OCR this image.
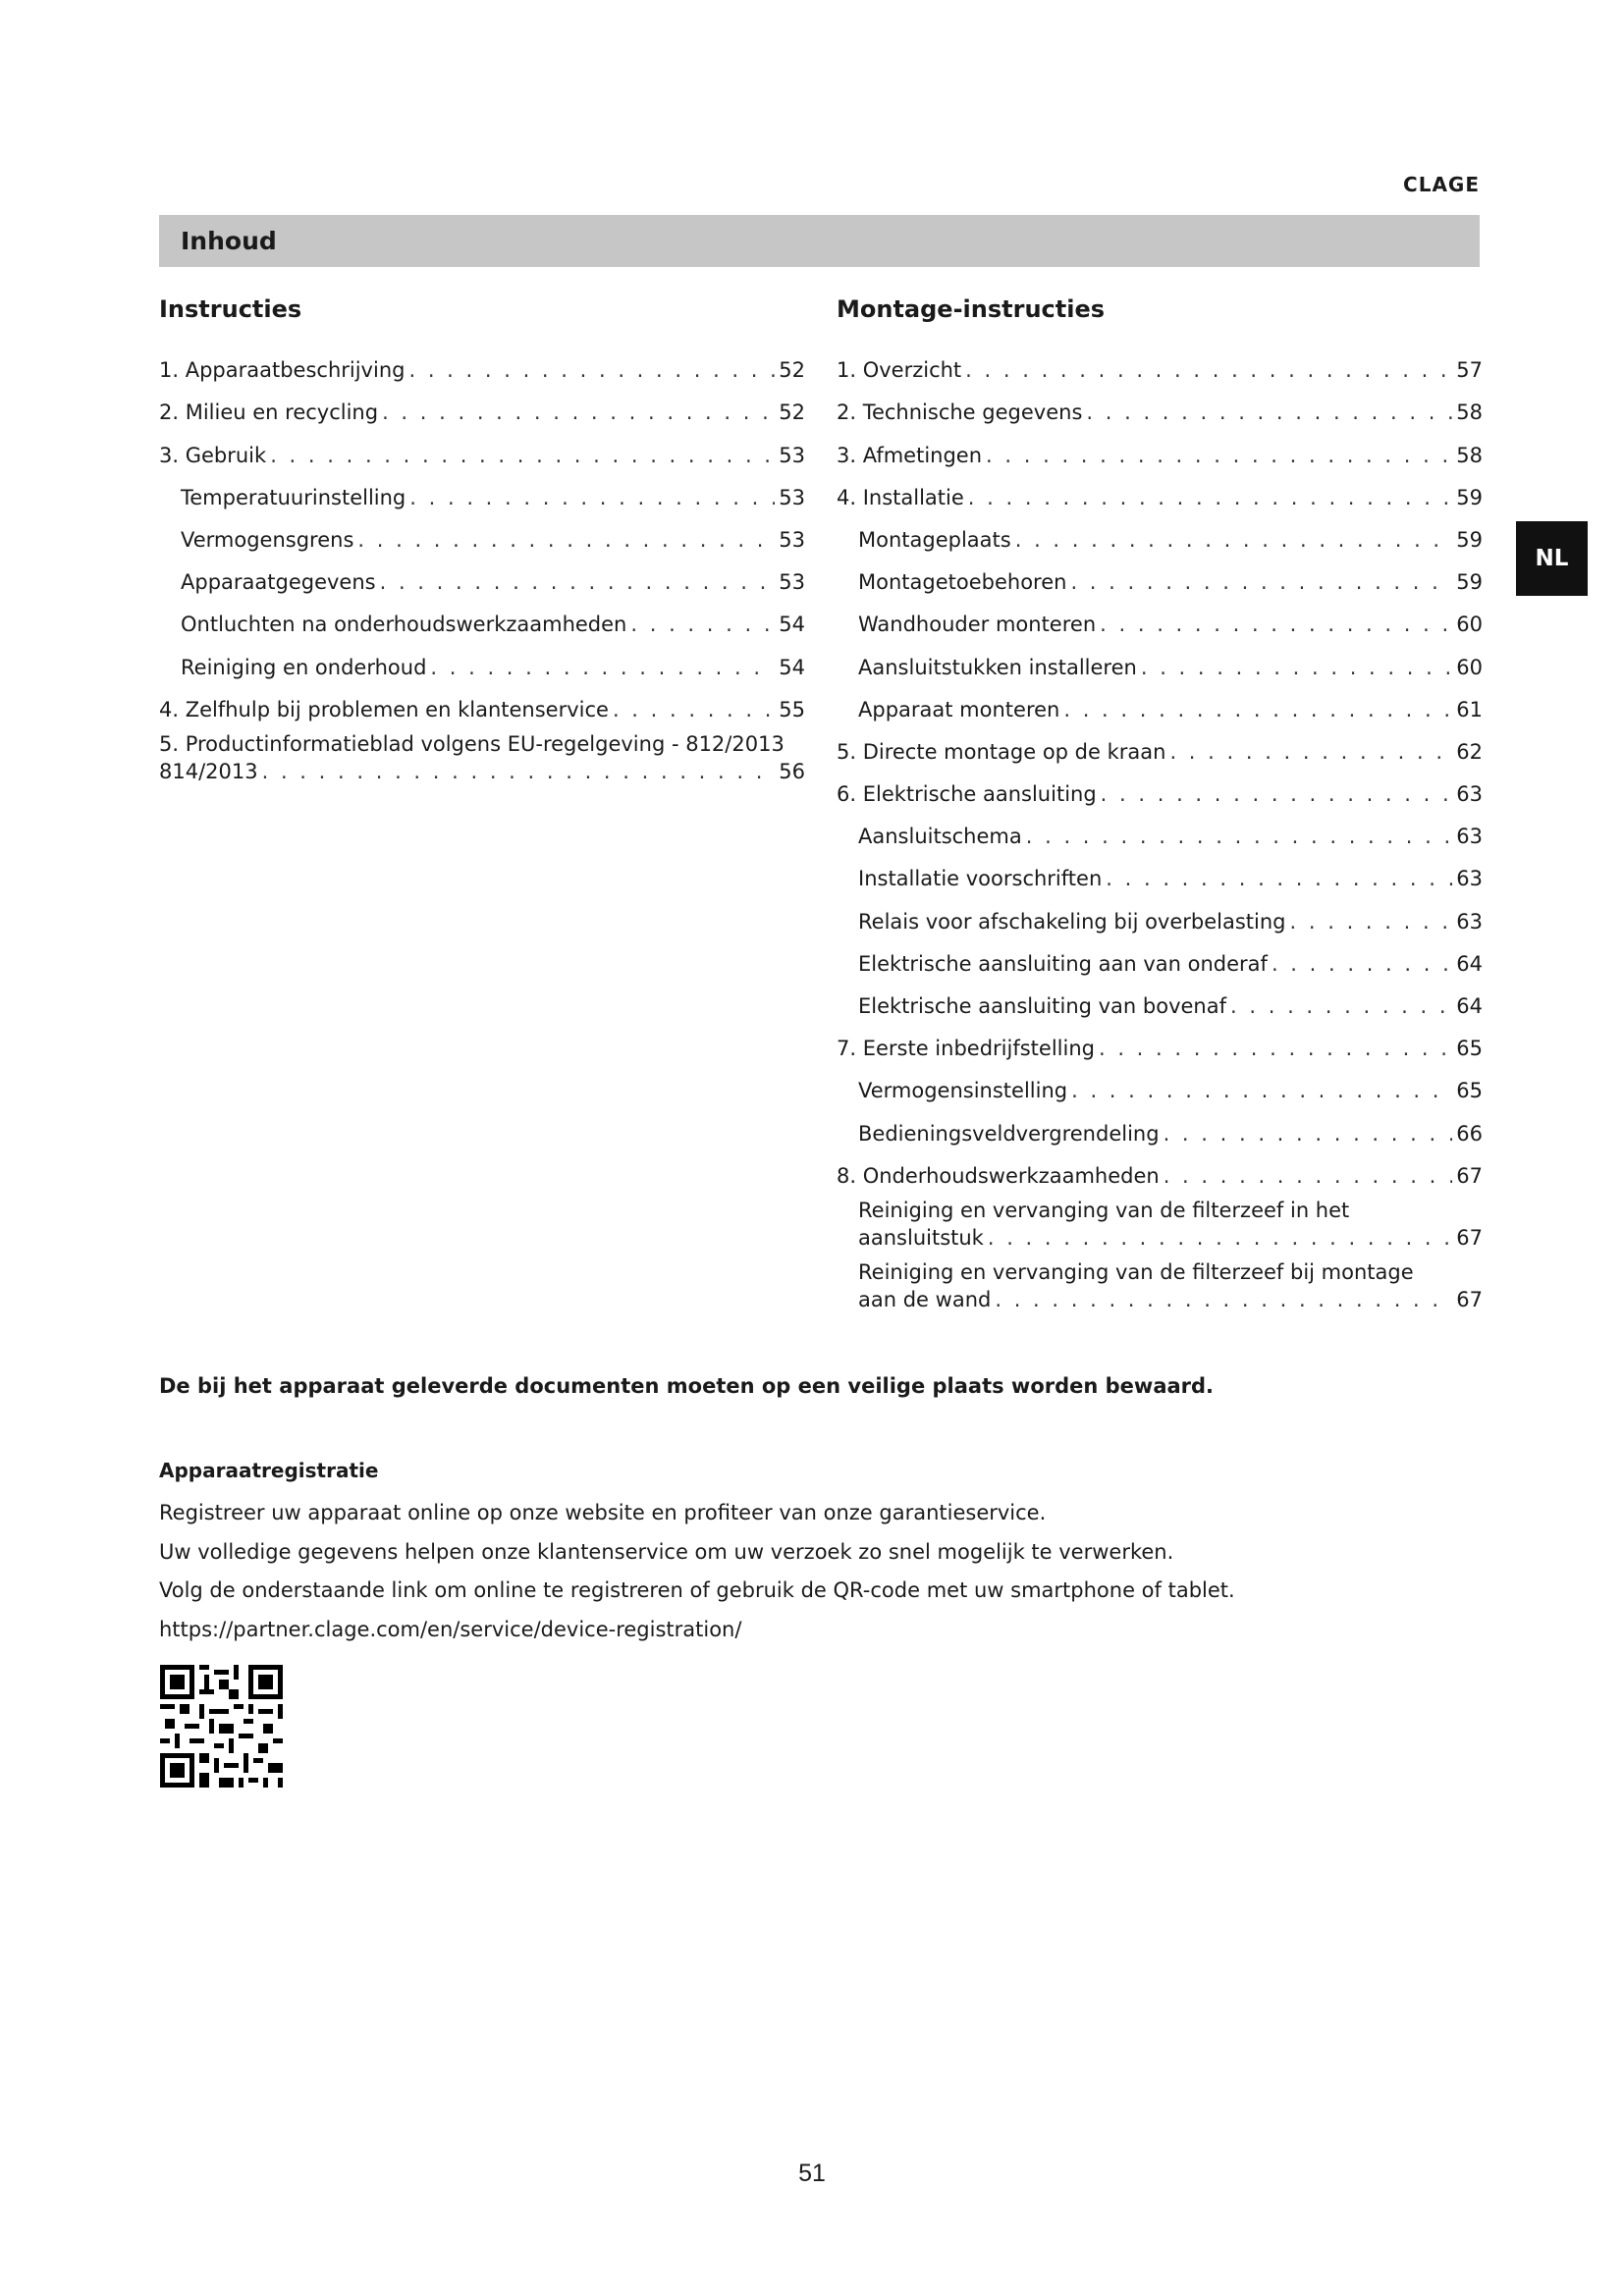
CLAGE
Inhoud
NL
Instructies
1. Apparaatbeschrijving . . .	52
2. Milieu en recycling . . .	52
3. Gebruik . . .	53
Temperatuurinstelling . . .	53
Vermogensgrens . . .	53
Apparaatgegevens . . .	53
Ontluchten na onderhoudswerkzaamheden . . .	54
Reiniging en onderhoud . . .	54
4. Zelfhulp bij problemen en klantenservice . . .	55
5. Productinformatieblad volgens EU-regelgeving - 812/2013
814/2013 . . .	56
Montage-instructies
1. Overzicht . . .	57
2. Technische gegevens . . .	58
3. Afmetingen . . .	58
4. Installatie . . .	59
Montageplaats . . .	59
Montagetoebehoren . . .	59
Wandhouder monteren . . .	60
Aansluitstukken installeren . . .	60
Apparaat monteren . . .	61
5. Directe montage op de kraan . . .	62
6. Elektrische aansluiting . . .	63
Aansluitschema . . .	63
Installatie voorschriften . . .	63
Relais voor afschakeling bij overbelasting . . .	63
Elektrische aansluiting aan van onderaf . . .	64
Elektrische aansluiting van bovenaf . . .	64
7. Eerste inbedrijfstelling . . .	65
Vermogensinstelling . . .	65
Bedieningsveldvergrendeling . . .	66
8. Onderhoudswerkzaamheden . . .	67
Reiniging en vervanging van de filterzeef in het
aansluitstuk . . .	67
Reiniging en vervanging van de filterzeef bij montage
aan de wand . . .	67
De bij het apparaat geleverde documenten moeten op een veilige plaats worden bewaard.
Apparaatregistratie
Registreer uw apparaat online op onze website en profiteer van onze garantieservice.
Uw volledige gegevens helpen onze klantenservice om uw verzoek zo snel mogelijk te verwerken.
Volg de onderstaande link om online te registreren of gebruik de QR-code met uw smartphone of tablet.
https://partner.clage.com/en/service/device-registration/
51
